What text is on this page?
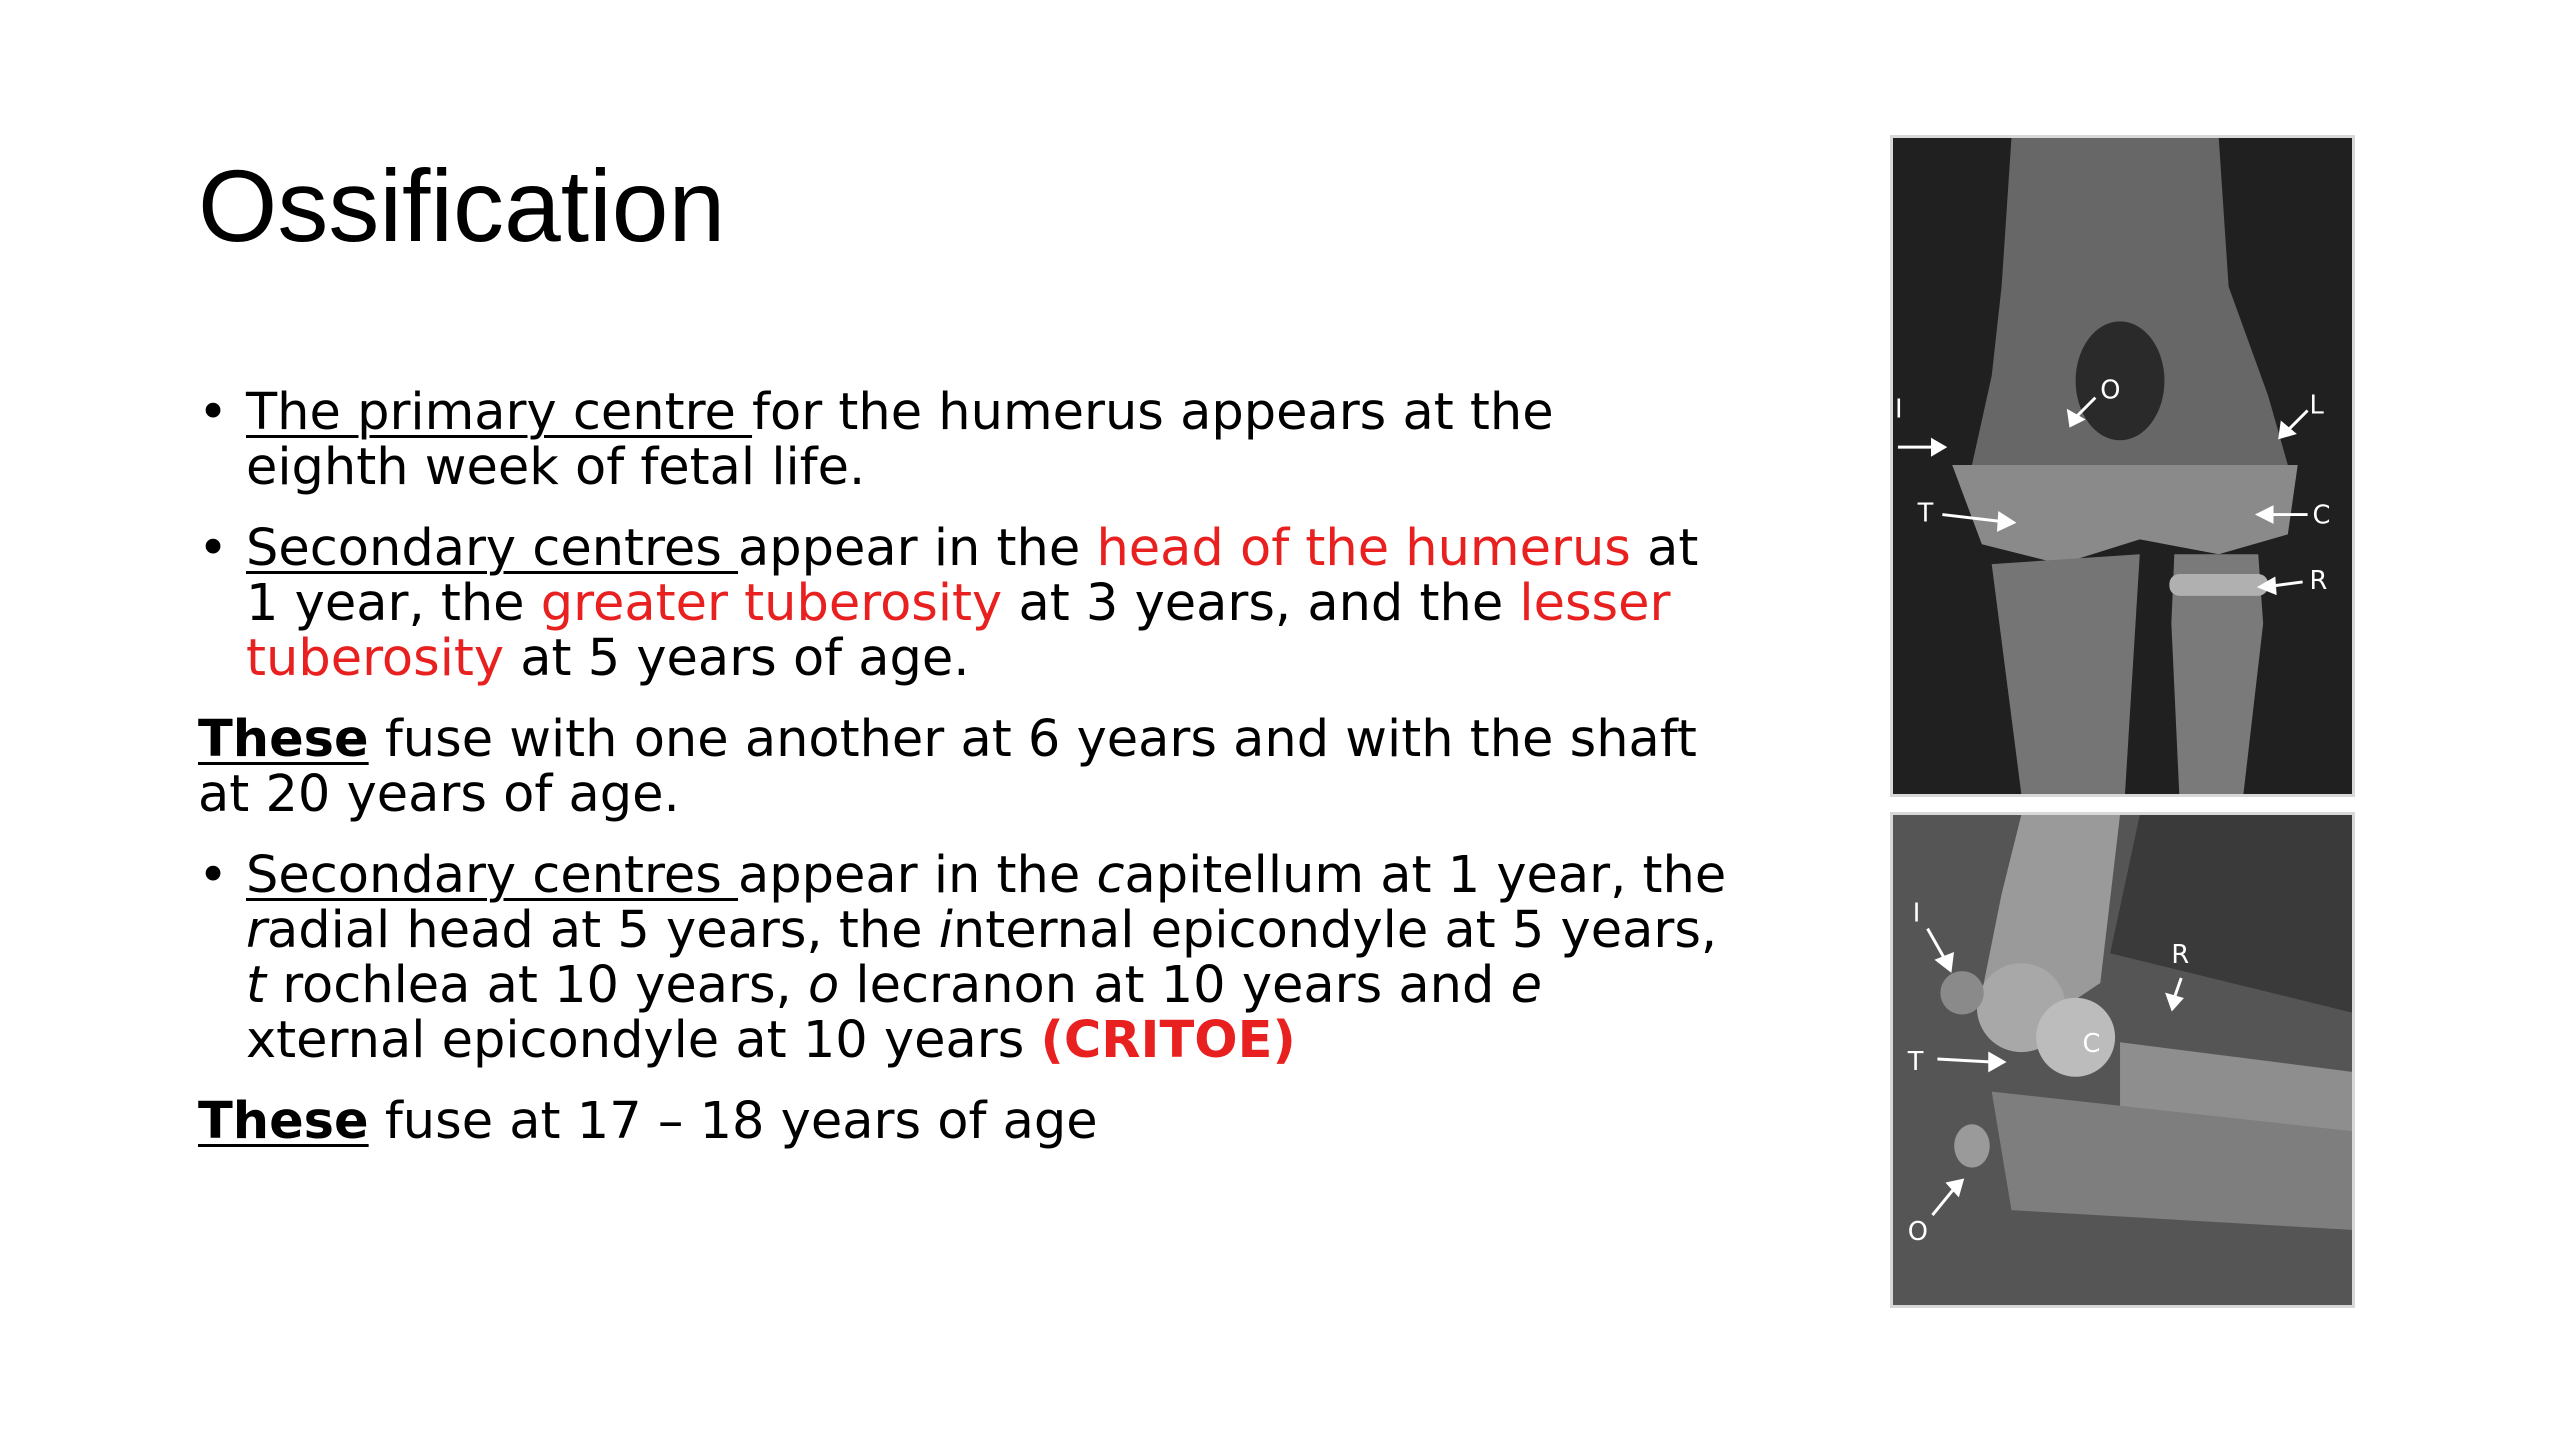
Ossification
• The primary centre for the humerus appears at the eighth week of fetal life.
• Secondary centres appear in the head of the humerus at 1 year, the greater tuberosity at 3 years, and the lesser tuberosity at 5 years of age.
These fuse with one another at 6 years and with the shaft at 20 years of age.
• Secondary centres appear in the capitellum at 1 year, the radial head at 5 years, the internal epicondyle at 5 years, t rochlea at 10 years, o lecranon at 10 years and e xternal epicondyle at 10 years (CRITOE)
These fuse at 17 – 18 years of age
I
O	L
T	C
R
I
R
T
C
O
